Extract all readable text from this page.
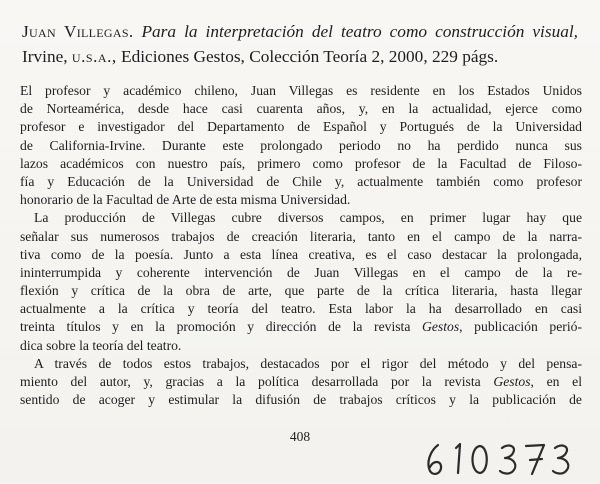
Juan Villegas. Para la interpretación del teatro como construcción visual, Irvine, u.s.a., Ediciones Gestos, Colección Teoría 2, 2000, 229 págs.
El profesor y académico chileno, Juan Villegas es residente en los Estados Unidos
de Norteamérica, desde hace casi cuarenta años, y, en la actualidad, ejerce como
profesor e investigador del Departamento de Español y Portugués de la Universidad
de California-Irvine. Durante este prolongado periodo no ha perdido nunca sus
lazos académicos con nuestro país, primero como profesor de la Facultad de Filoso-
fía y Educación de la Universidad de Chile y, actualmente también como profesor
honorario de la Facultad de Arte de esta misma Universidad.
La producción de Villegas cubre diversos campos, en primer lugar hay que
señalar sus numerosos trabajos de creación literaria, tanto en el campo de la narra-
tiva como de la poesía. Junto a esta línea creativa, es el caso destacar la prolongada,
ininterrumpida y coherente intervención de Juan Villegas en el campo de la re-
flexión y crítica de la obra de arte, que parte de la crítica literaria, hasta llegar
actualmente a la crítica y teoría del teatro. Esta labor la ha desarrollado en casi
treinta títulos y en la promoción y dirección de la revista Gestos, publicación perió-
dica sobre la teoría del teatro.
A través de todos estos trabajos, destacados por el rigor del método y del pensa-
miento del autor, y, gracias a la política desarrollada por la revista Gestos, en el
sentido de acoger y estimular la difusión de trabajos críticos y la publicación de
408
